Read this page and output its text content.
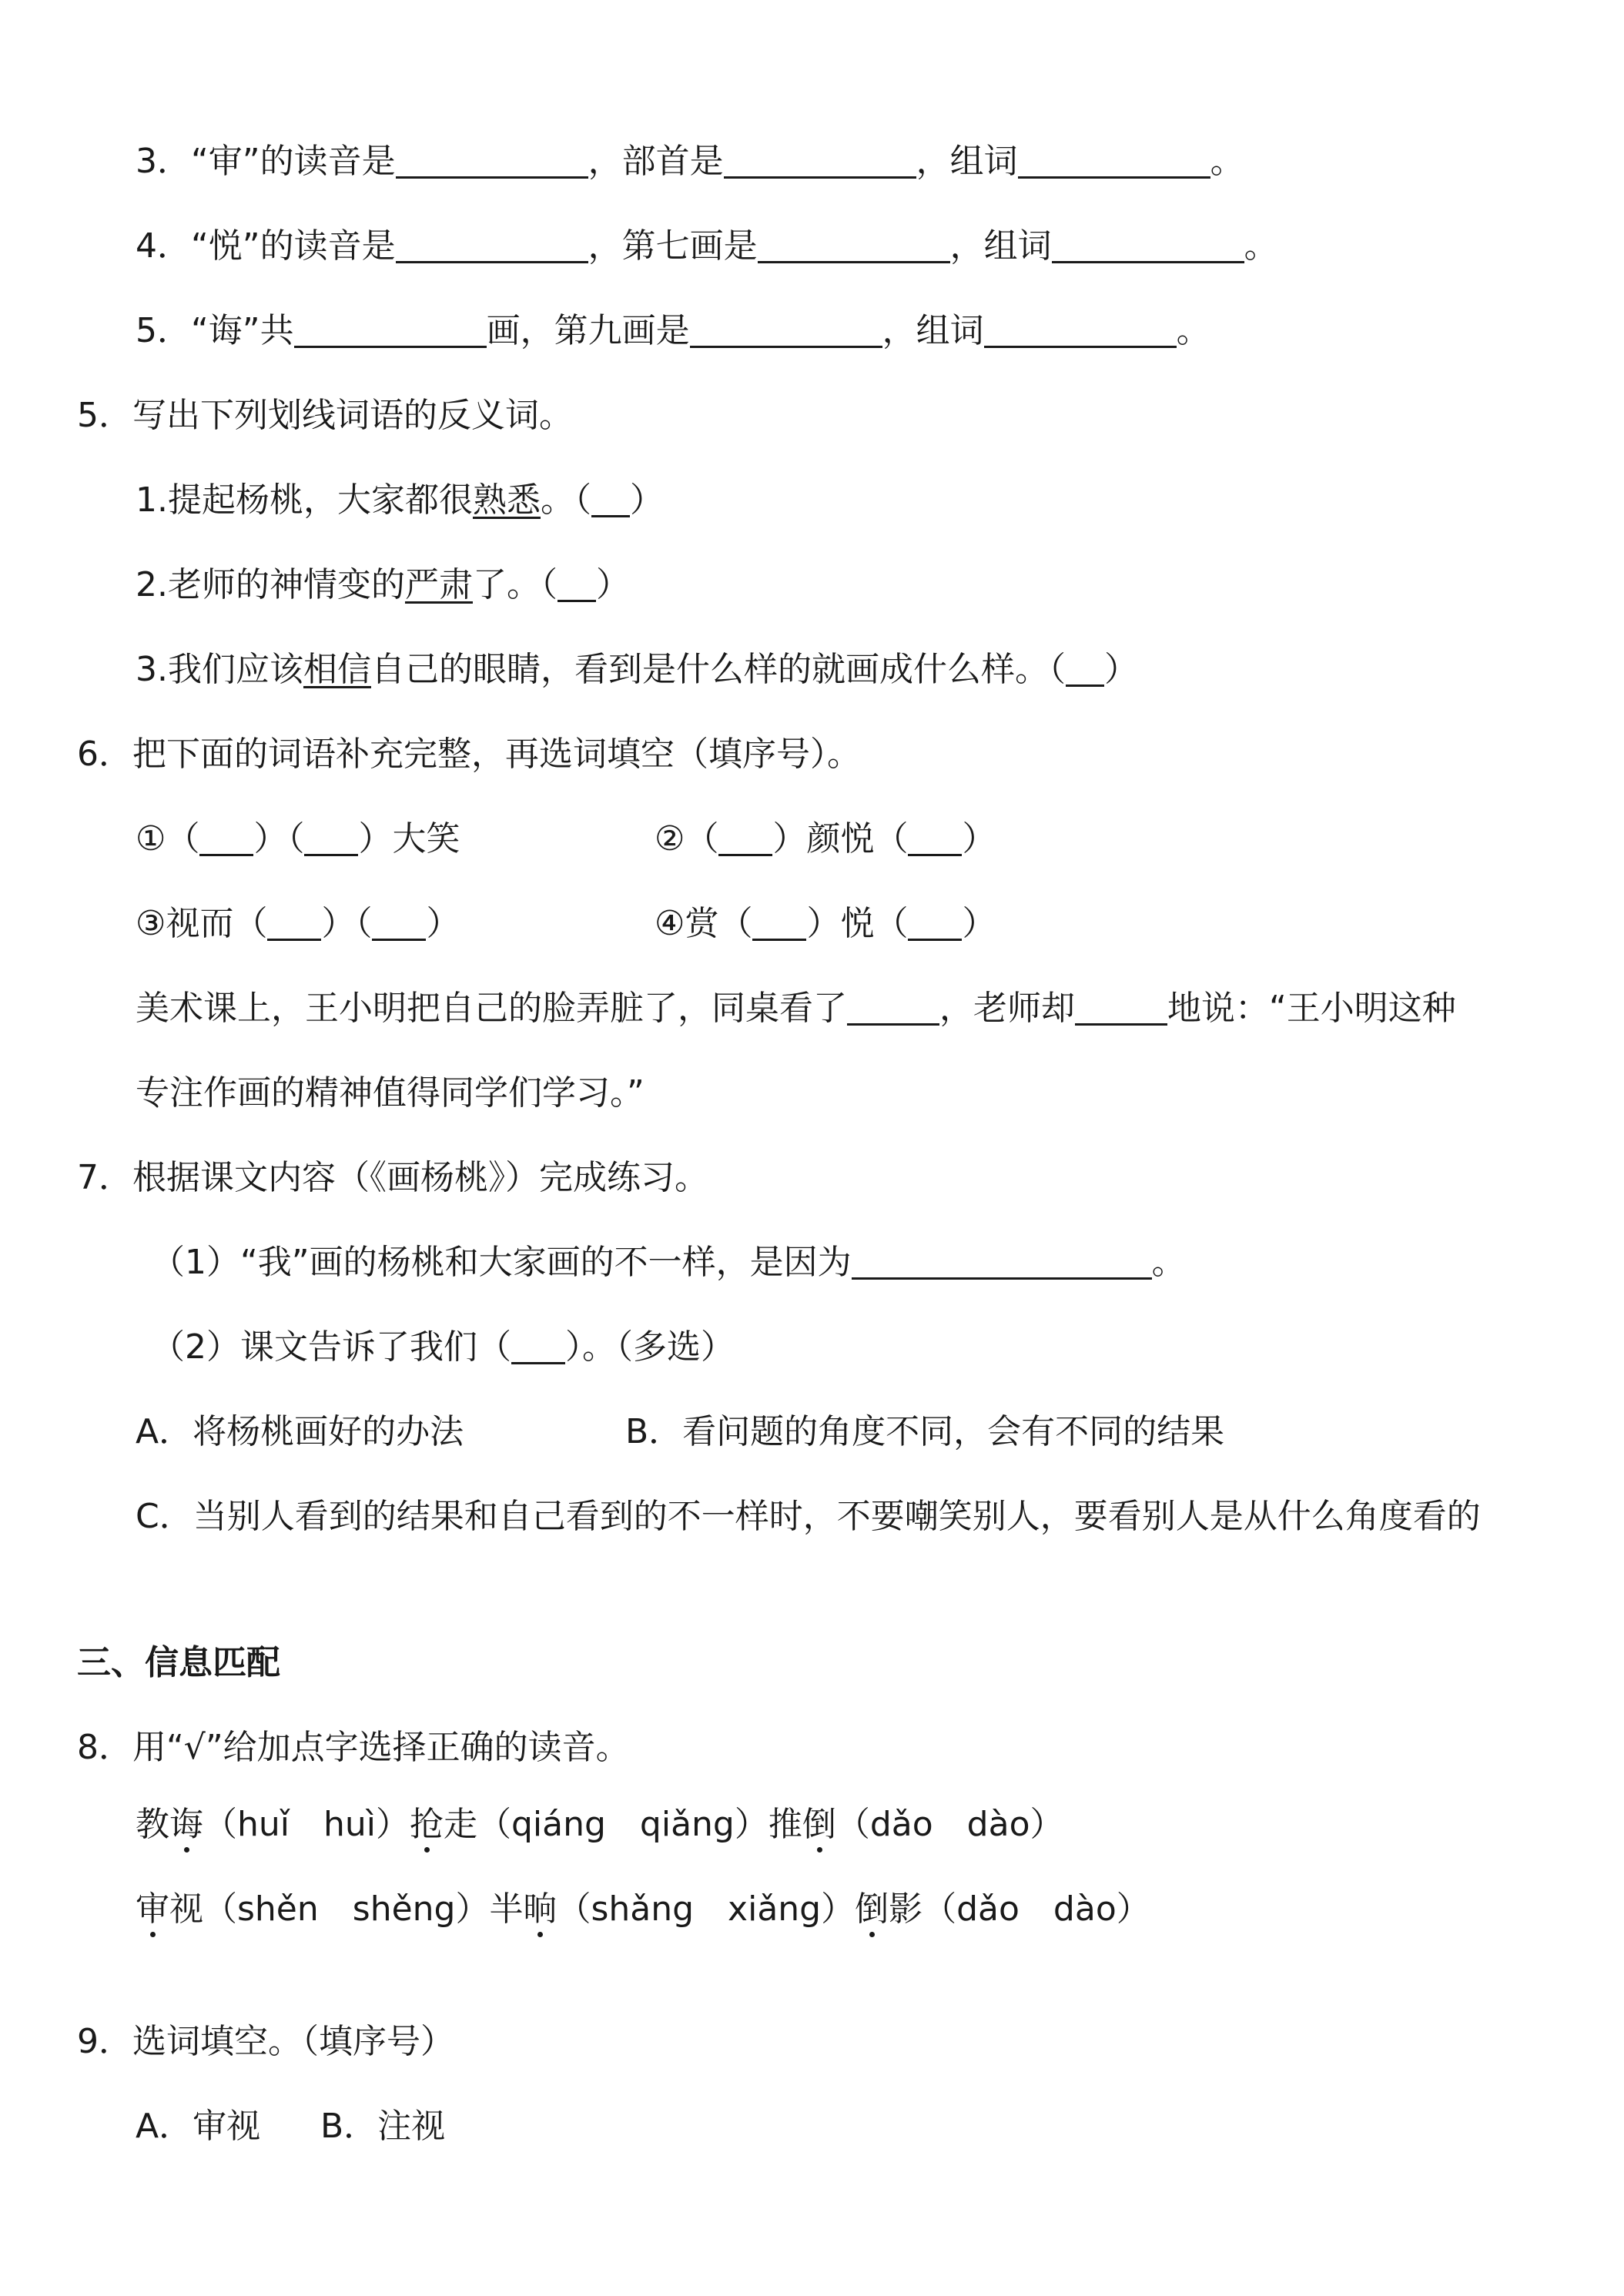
3．“审”的读音是	，部首是	，组词	。
4．“悦”的读音是	，第七画是	，组词	。
5．“诲”共	画，第九画是	，组词	。
5．写出下列划线词语的反义词。
1.提起杨桃，大家都很熟悉。（ ）
2.老师的神情变的严肃了。（ ）
3.我们应该相信自己的眼睛，看到是什么样的就画成什么样。（ ）
6．把下面的词语补充完整，再选词填空（填序号）。
①（ ）（ ）大笑	②（ ）颜悦（ ）
③视而（ ）（ ）	④赏（ ）悦（ ）
美术课上，王小明把自己的脸弄脏了，同桌看了	，老师却	地说：“王小明这种
专注作画的精神值得同学们学习。”
7．根据课文内容（《画杨桃》）完成练习。
（1）“我”画的杨桃和大家画的不一样，是因为	。
（2）课文告诉了我们（ ）。（多选）
A．将杨桃画好的办法	B．看问题的角度不同，会有不同的结果
C．当别人看到的结果和自己看到的不一样时，不要嘲笑别人，要看别人是从什么角度看的
三、信息匹配
8．用“√”给加点字选择正确的读音。
教诲（huǐ　huì）抢走（qiáng　qiǎng）推倒（dǎo　dào）
审视（shěn　shěng）半晌（shǎng　xiǎng）倒影（dǎo　dào）
9．选词填空。（填序号）
A．审视 B．注视
